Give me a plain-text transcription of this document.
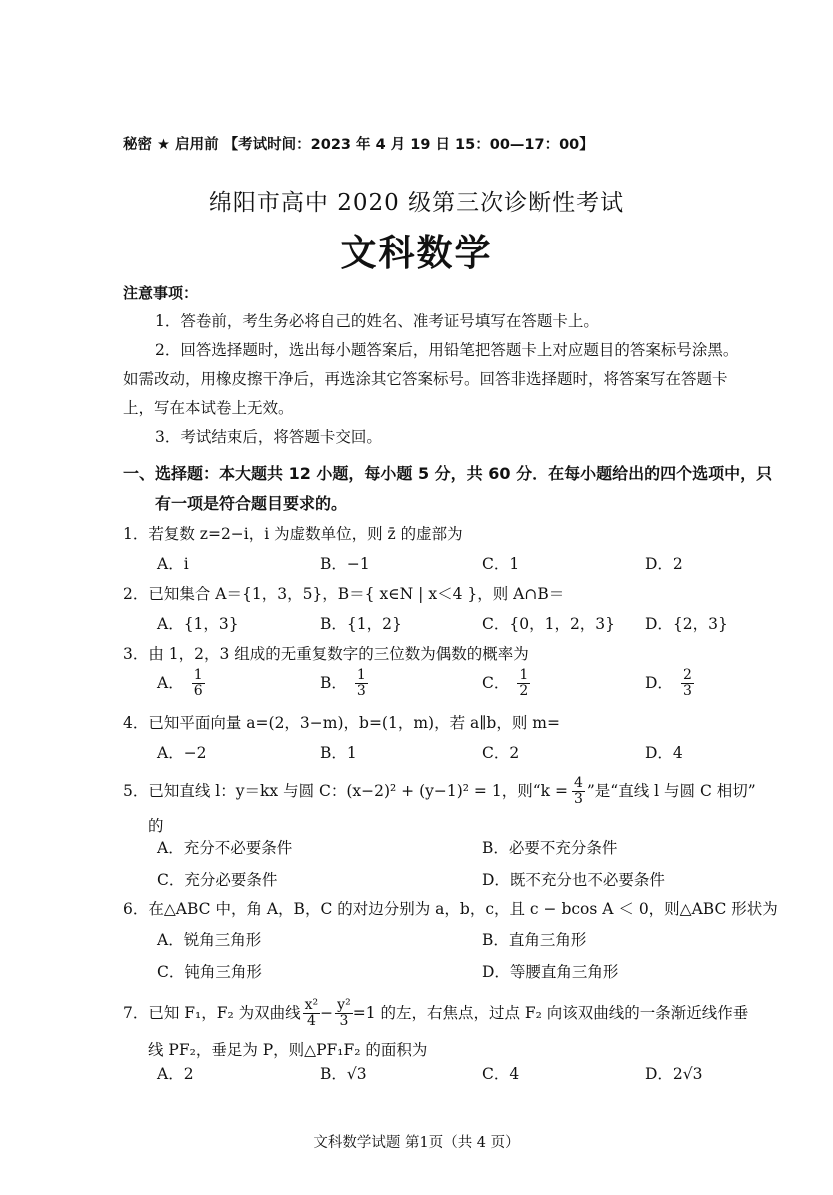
秘密 ★ 启用前 【考试时间：2023 年 4 月 19 日 15：00—17：00】
绵阳市高中 2020 级第三次诊断性考试
文科数学
注意事项：
1．答卷前，考生务必将自己的姓名、准考证号填写在答题卡上。
2．回答选择题时，选出每小题答案后，用铅笔把答题卡上对应题目的答案标号涂黑。
如需改动，用橡皮擦干净后，再选涂其它答案标号。回答非选择题时，将答案写在答题卡
上，写在本试卷上无效。
3．考试结束后，将答题卡交回。
一、选择题：本大题共 12 小题，每小题 5 分，共 60 分．在每小题给出的四个选项中，只
有一项是符合题目要求的。
1．若复数 z=2−i，i 为虚数单位，则 z̄ 的虚部为
A．i	B．−1	C．1	D．2
2．已知集合 A＝{1，3，5}，B＝{ x∈N | x＜4 }，则 A∩B＝
A．{1，3}	B．{1，2}	C．{0，1，2，3} D．{2，3}
3．由 1，2，3 组成的无重复数字的三位数为偶数的概率为
A． $\frac{1}{6}$	B． $\frac{1}{3}$	C． $\frac{1}{2}$	D． $\frac{2}{3}$
4．已知平面向量 a=(2，3−m)，b=(1，m)，若 a∥b，则 m=
A．−2	B．1	C．2	D．4
5．已知直线 l：y＝kx 与圆 C：(x−2)² + (y−1)² = 1，则“$k = \frac{4}{3}$ ”是“直线 l 与圆 C 相切”
的
A．充分不必要条件	B．必要不充分条件
C．充分必要条件	D．既不充分也不必要条件
6．在△ABC 中，角 A，B，C 的对边分别为 a，b，c，且 c − bcos A ＜ 0，则△ABC 形状为
A．锐角三角形	B．直角三角形
C．钝角三角形	D．等腰直角三角形
7．已知 F₁，F₂ 为双曲线 $\frac{\text{x²}}{4} - \frac{\text{y²}}{3} =1$ 的左，右焦点，过点 F₂ 向该双曲线的一条渐近线作垂
线 PF₂，垂足为 P，则△PF₁F₂ 的面积为
A．2	B．√3	C．4	D．2√3
文科数学试题 第1页（共 4 页）
